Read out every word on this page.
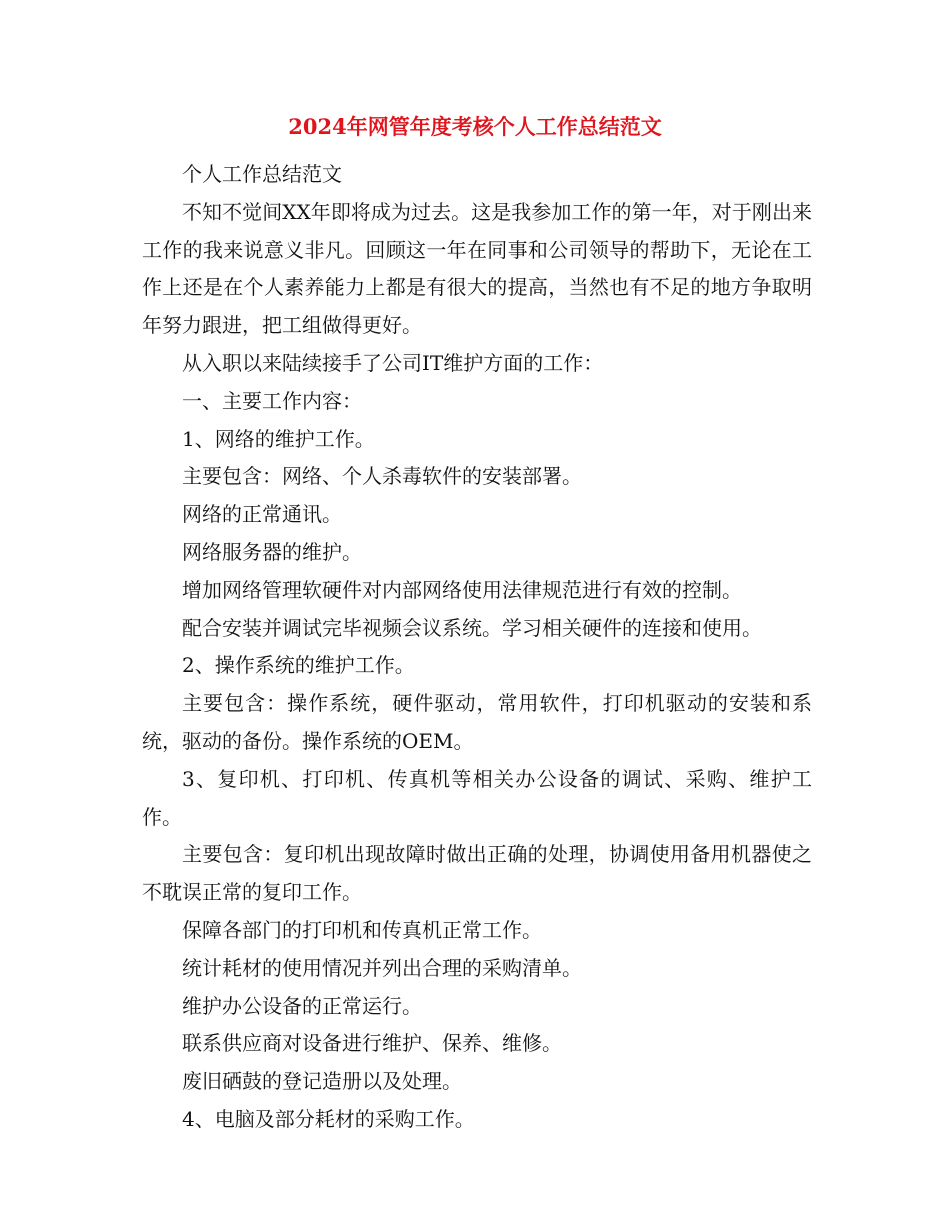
2024年网管年度考核个人工作总结范文

个人工作总结范文

不知不觉间XX年即将成为过去。这是我参加工作的第一年，对于刚出来工作的我来说意义非凡。回顾这一年在同事和公司领导的帮助下，无论在工作上还是在个人素养能力上都是有很大的提高，当然也有不足的地方争取明年努力跟进，把工组做得更好。

从入职以来陆续接手了公司IT维护方面的工作：

一、主要工作内容：

1、网络的维护工作。

主要包含：网络、个人杀毒软件的安装部署。

网络的正常通讯。

网络服务器的维护。

增加网络管理软硬件对内部网络使用法律规范进行有效的控制。

配合安装并调试完毕视频会议系统。学习相关硬件的连接和使用。

2、操作系统的维护工作。

主要包含：操作系统，硬件驱动，常用软件，打印机驱动的安装和系统，驱动的备份。操作系统的OEM。

3、复印机、打印机、传真机等相关办公设备的调试、采购、维护工作。

主要包含：复印机出现故障时做出正确的处理，协调使用备用机器使之不耽误正常的复印工作。

保障各部门的打印机和传真机正常工作。

统计耗材的使用情况并列出合理的采购清单。

维护办公设备的正常运行。

联系供应商对设备进行维护、保养、维修。

废旧硒鼓的登记造册以及处理。

4、电脑及部分耗材的采购工作。
